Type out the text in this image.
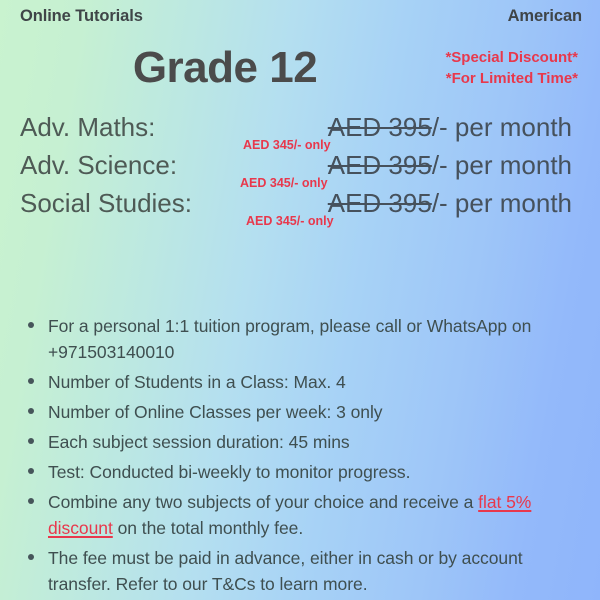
Online Tutorials	American
Grade 12	*Special Discount*
*For Limited Time*
Adv. Maths:	AED 395/- per month
AED 345/- only
Adv. Science:	AED 395/- per month
AED 345/- only
Social Studies:	AED 395/- per month
AED 345/- only
For a personal 1:1 tuition program, please call or WhatsApp on +971503140010
Number of Students in a Class: Max. 4
Number of Online Classes per week: 3 only
Each subject session duration: 45 mins
Test: Conducted bi-weekly to monitor progress.
Combine any two subjects of your choice and receive a flat 5% discount on the total monthly fee.
The fee must be paid in advance, either in cash or by account transfer. Refer to our T&Cs to learn more.
